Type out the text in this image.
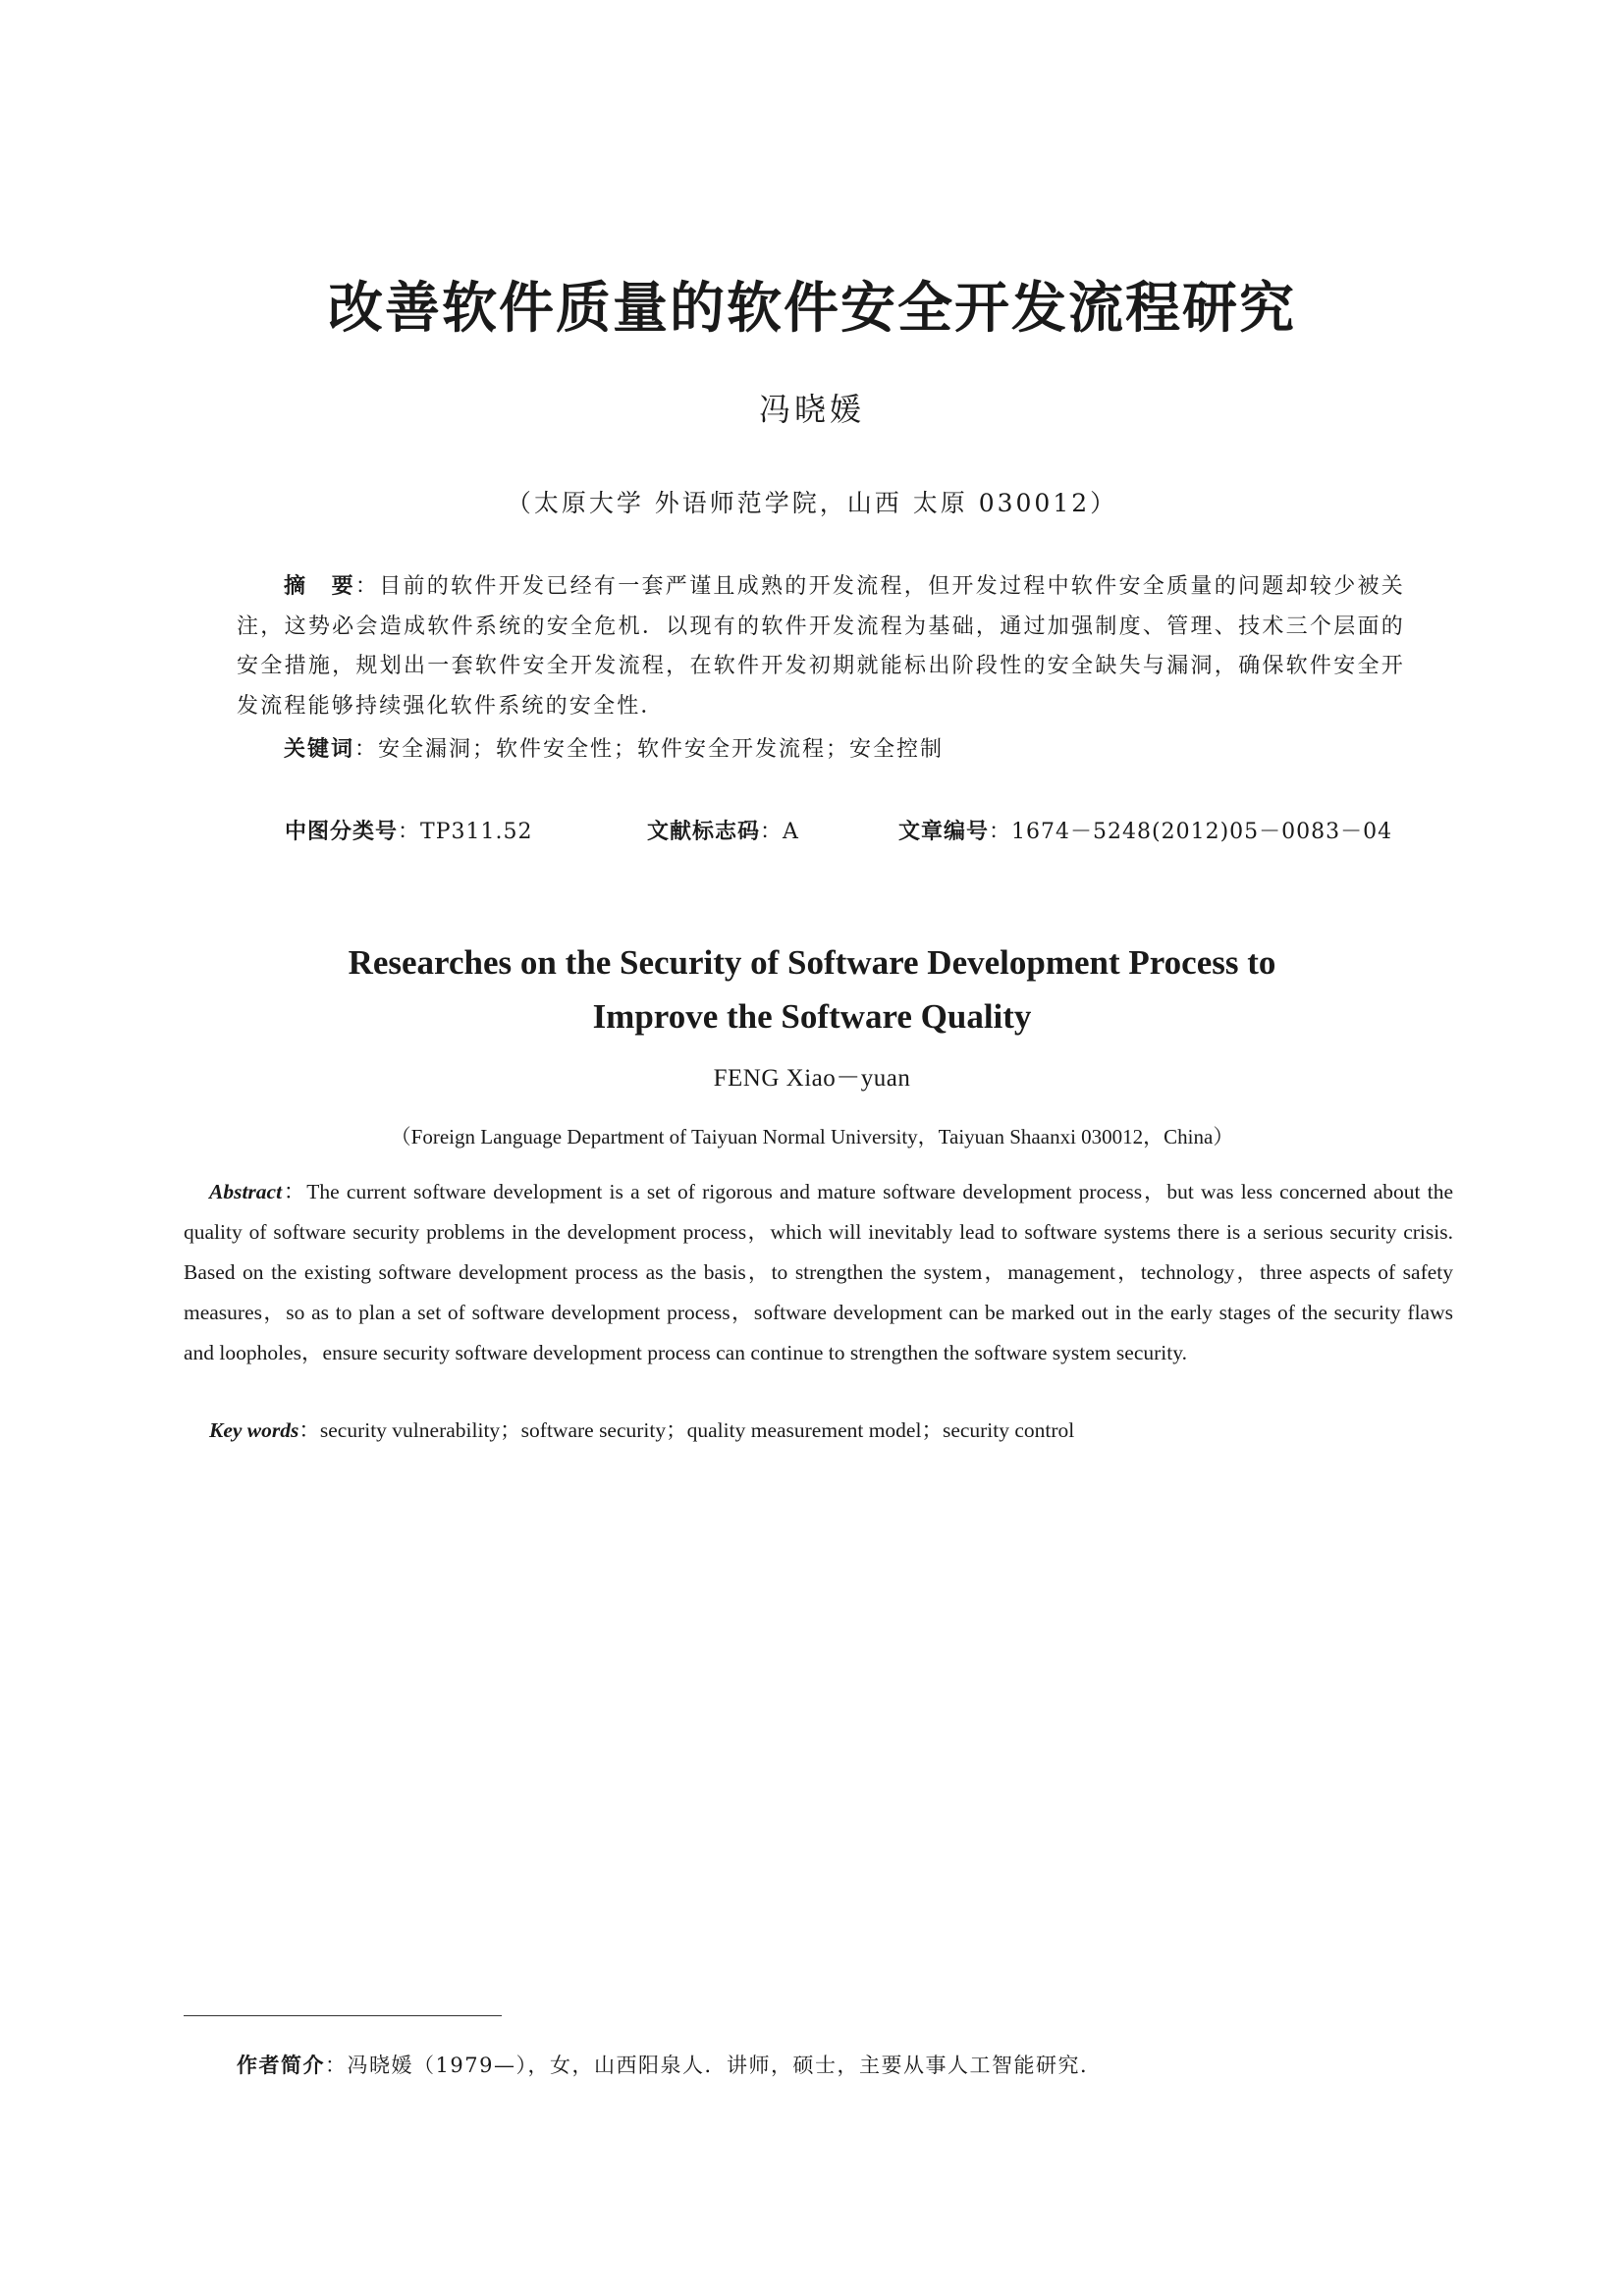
改善软件质量的软件安全开发流程研究
冯晓媛
（太原大学 外语师范学院，山西 太原 030012）
摘　要：目前的软件开发已经有一套严谨且成熟的开发流程，但开发过程中软件安全质量的问题却较少被关注，这势必会造成软件系统的安全危机．以现有的软件开发流程为基础，通过加强制度、管理、技术三个层面的安全措施，规划出一套软件安全开发流程，在软件开发初期就能标出阶段性的安全缺失与漏洞，确保软件安全开发流程能够持续强化软件系统的安全性．
关键词：安全漏洞；软件安全性；软件安全开发流程；安全控制
中图分类号：TP311.52	文献标志码：A	文章编号：1674－5248(2012)05－0083－04
Researches on the Security of Software Development Process to
Improve the Software Quality
FENG Xiao－yuan
（Foreign Language Department of Taiyuan Normal University，Taiyuan Shaanxi 030012，China）
Abstract：The current software development is a set of rigorous and mature software development process，but was less concerned about the quality of software security problems in the development process，which will inevitably lead to software systems there is a serious security crisis. Based on the existing software development process as the basis，to strengthen the system，management，technology，three aspects of safety measures，so as to plan a set of software development process，software development can be marked out in the early stages of the security flaws and loopholes，ensure security software development process can continue to strengthen the software system security.
Key words：security vulnerability；software security；quality measurement model；security control
作者简介：冯晓媛（1979—），女，山西阳泉人．讲师，硕士，主要从事人工智能研究．
